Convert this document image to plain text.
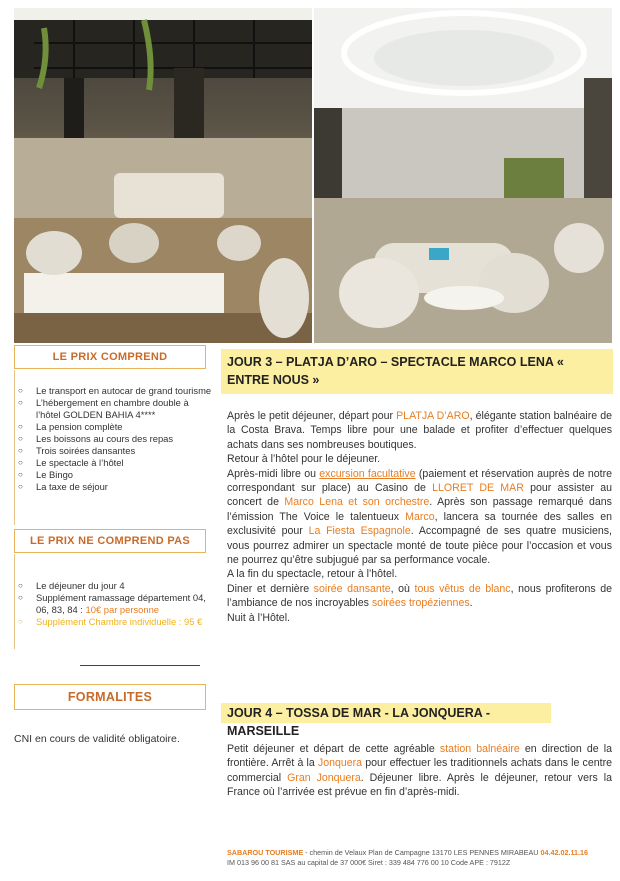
LE PRIX COMPREND
○ Le transport en autocar de grand tourisme
○ L’hébergement en chambre double à l’hôtel GOLDEN BAHIA 4****
○ La pension complète
○ Les boissons au cours des repas
○ Trois soirées dansantes
○ Le spectacle à l’hôtel
○ Le Bingo
○ La taxe de séjour
LE PRIX NE COMPREND PAS
○ Le déjeuner du jour 4
○ Supplément ramassage département 04, 06, 83, 84 : 10€ par personne
○ Supplément Chambre individuelle : 95 €
FORMALITES
CNI en cours de validité obligatoire.
JOUR 3 – PLATJA D’ARO – SPECTACLE MARCO LENA « ENTRE NOUS »

Après le petit déjeuner, départ pour PLATJA D’ARO, élégante station balnéaire de la Costa Brava. Temps libre pour une balade et profiter d’effectuer quelques achats dans ses nombreuses boutiques.

Retour à l’hôtel pour le déjeuner.

Après-midi libre ou excursion facultative (paiement et réservation auprès de notre correspondant sur place) au Casino de LLORET DE MAR pour assister au concert de Marco Lena et son orchestre. Après son passage remarqué dans l’émission The Voice le talentueux Marco, lancera sa tournée des salles en exclusivité pour La Fiesta Espagnole. Accompagné de ses quatre musiciens, vous pourrez admirer un spectacle monté de toute pièce pour l’occasion et vous ne pourrez qu’être subjugué par sa performance vocale.

A la fin du spectacle, retour à l’hôtel.

Diner et dernière soirée dansante, où tous vêtus de blanc, nous profiterons de l’ambiance de nos incroyables soirées tropéziennes.

Nuit à l’Hôtel.

JOUR 4 – TOSSA DE MAR - LA JONQUERA - MARSEILLE

Petit déjeuner et départ de cette agréable station balnéaire en direction de la frontière. Arrêt à la Jonquera pour effectuer les traditionnels achats dans le centre commercial Gran Jonquera. Déjeuner libre. Après le déjeuner, retour vers la France où l’arrivée est prévue en fin d’après-midi.

SABAROU TOURISME - chemin de Velaux Plan de Campagne 13170 LES PENNES MIRABEAU 04.42.02.11.16
IM 013 96 00 81 SAS au capital de 37 000€ Siret : 339 484 776 00 10 Code APE : 7912Z
